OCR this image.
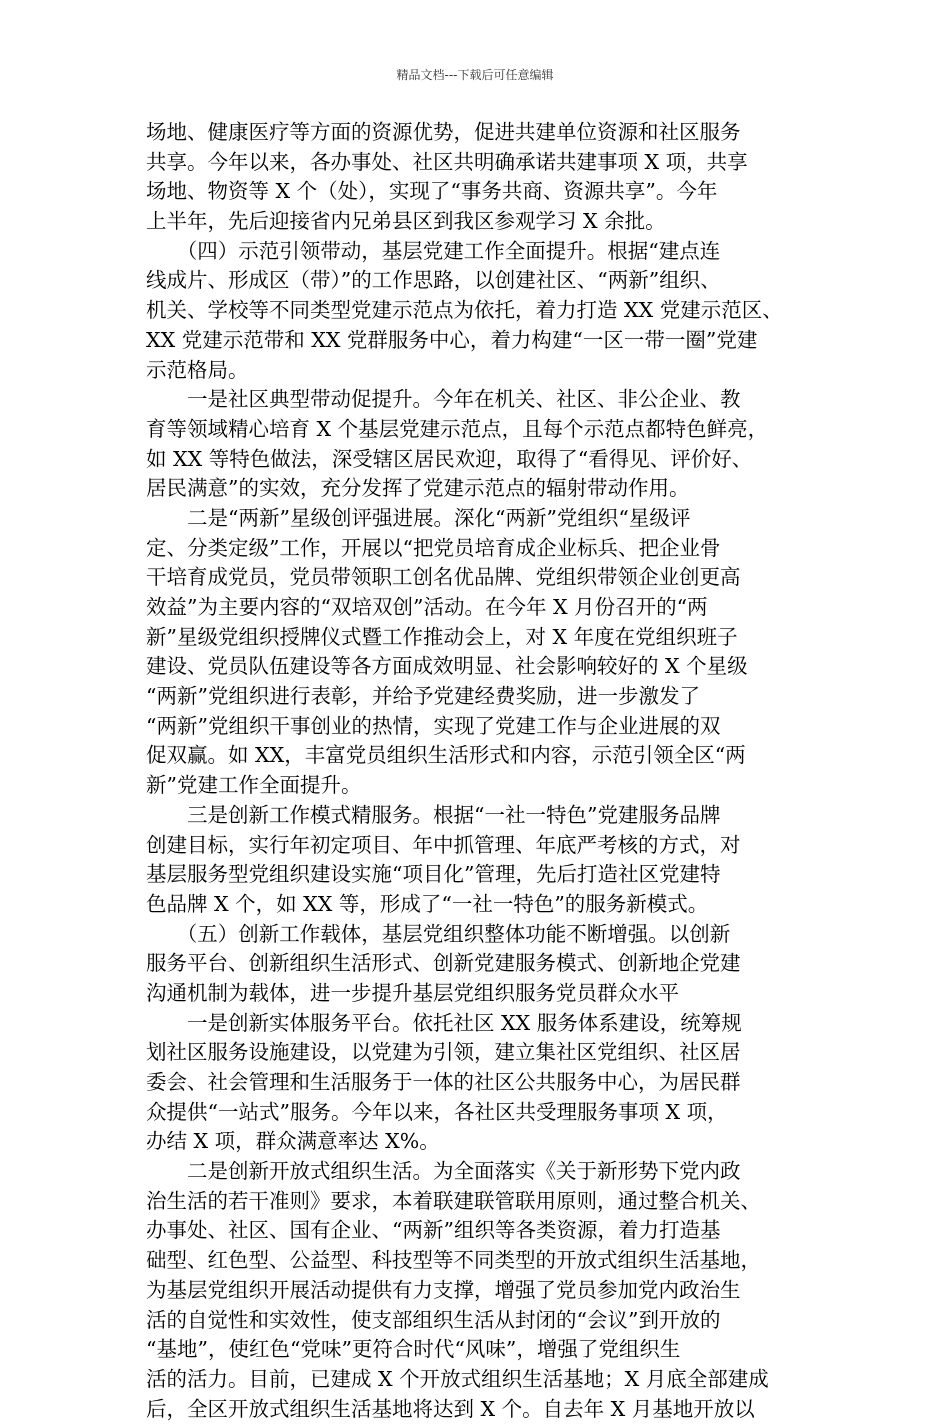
精品文档---下载后可任意编辑
场地、健康医疗等方面的资源优势，促进共建单位资源和社区服务
共享。今年以来，各办事处、社区共明确承诺共建事项 X 项，共享
场地、物资等 X 个（处），实现了“事务共商、资源共享”。今年
上半年，先后迎接省内兄弟县区到我区参观学习 X 余批。
　　（四）示范引领带动，基层党建工作全面提升。根据“建点连
线成片、形成区（带）”的工作思路，以创建社区、“两新”组织、
机关、学校等不同类型党建示范点为依托，着力打造 XX 党建示范区、
XX 党建示范带和 XX 党群服务中心，着力构建“一区一带一圈”党建
示范格局。
　　一是社区典型带动促提升。今年在机关、社区、非公企业、教
育等领域精心培育 X 个基层党建示范点，且每个示范点都特色鲜亮，
如 XX 等特色做法，深受辖区居民欢迎，取得了“看得见、评价好、
居民满意”的实效，充分发挥了党建示范点的辐射带动作用。
　　二是“两新”星级创评强进展。深化“两新”党组织“星级评
定、分类定级”工作，开展以“把党员培育成企业标兵、把企业骨
干培育成党员，党员带领职工创名优品牌、党组织带领企业创更高
效益”为主要内容的“双培双创”活动。在今年 X 月份召开的“两
新”星级党组织授牌仪式暨工作推动会上，对 X 年度在党组织班子
建设、党员队伍建设等各方面成效明显、社会影响较好的 X 个星级
“两新”党组织进行表彰，并给予党建经费奖励，进一步激发了
“两新”党组织干事创业的热情，实现了党建工作与企业进展的双
促双赢。如 XX，丰富党员组织生活形式和内容，示范引领全区“两
新”党建工作全面提升。
　　三是创新工作模式精服务。根据“一社一特色”党建服务品牌
创建目标，实行年初定项目、年中抓管理、年底严考核的方式，对
基层服务型党组织建设实施“项目化”管理，先后打造社区党建特
色品牌 X 个，如 XX 等，形成了“一社一特色”的服务新模式。
　　（五）创新工作载体，基层党组织整体功能不断增强。以创新
服务平台、创新组织生活形式、创新党建服务模式、创新地企党建
沟通机制为载体，进一步提升基层党组织服务党员群众水平
　　一是创新实体服务平台。依托社区 XX 服务体系建设，统筹规
划社区服务设施建设，以党建为引领，建立集社区党组织、社区居
委会、社会管理和生活服务于一体的社区公共服务中心，为居民群
众提供“一站式”服务。今年以来，各社区共受理服务事项 X 项，
办结 X 项，群众满意率达 X%。
　　二是创新开放式组织生活。为全面落实《关于新形势下党内政
治生活的若干准则》要求，本着联建联管联用原则，通过整合机关、
办事处、社区、国有企业、“两新”组织等各类资源，着力打造基
础型、红色型、公益型、科技型等不同类型的开放式组织生活基地，
为基层党组织开展活动提供有力支撑，增强了党员参加党内政治生
活的自觉性和实效性，使支部组织生活从封闭的“会议”到开放的
“基地”，使红色“党味”更符合时代“风味”，增强了党组织生
活的活力。目前，已建成 X 个开放式组织生活基地；X 月底全部建成
后，全区开放式组织生活基地将达到 X 个。自去年 X 月基地开放以
